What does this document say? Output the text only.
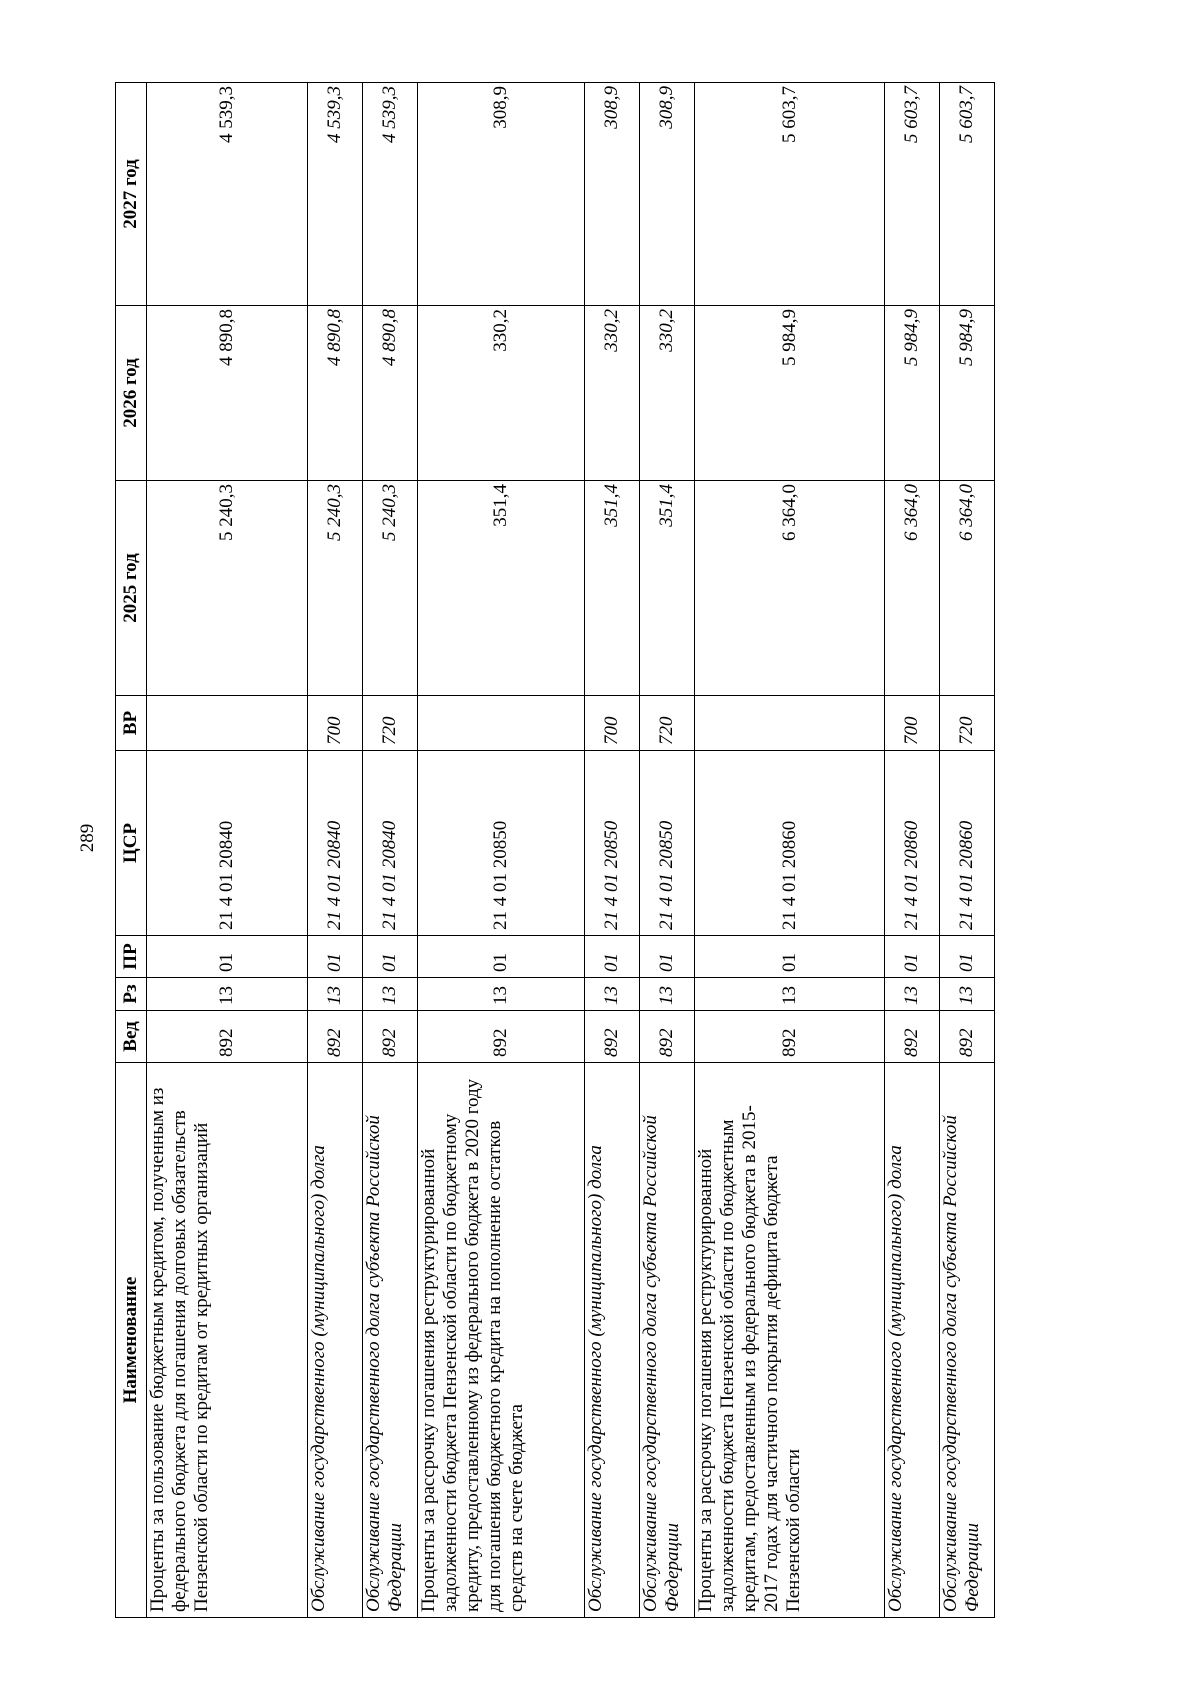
289
Наименование	Вед	Рз	ПР	ЦСР	ВР	2025 год	2026 год	2027 год
Проценты за пользование бюджетным кредитом, полученным из федерального бюджета для погашения долговых обязательств Пензенской области по кредитам от кредитных организаций	892	13	01	21 4 01 20840		5 240,3	4 890,8	4 539,3
Обслуживание государственного (муниципального) долга	892	13	01	21 4 01 20840	700	5 240,3	4 890,8	4 539,3
Обслуживание государственного долга субъекта Российской Федерации	892	13	01	21 4 01 20840	720	5 240,3	4 890,8	4 539,3
Проценты за рассрочку погашения реструктурированной задолженности бюджета Пензенской области по бюджетному кредиту, предоставленному из федерального бюджета в 2020 году для погашения бюджетного кредита на пополнение остатков средств на счете бюджета	892	13	01	21 4 01 20850		351,4	330,2	308,9
Обслуживание государственного (муниципального) долга	892	13	01	21 4 01 20850	700	351,4	330,2	308,9
Обслуживание государственного долга субъекта Российской Федерации	892	13	01	21 4 01 20850	720	351,4	330,2	308,9
Проценты за рассрочку погашения реструктурированной задолженности бюджета Пензенской области по бюджетным кредитам, предоставленным из федерального бюджета в 2015-2017 годах для частичного покрытия дефицита бюджета Пензенской области	892	13	01	21 4 01 20860		6 364,0	5 984,9	5 603,7
Обслуживание государственного (муниципального) долга	892	13	01	21 4 01 20860	700	6 364,0	5 984,9	5 603,7
Обслуживание государственного долга субъекта Российской Федерации	892	13	01	21 4 01 20860	720	6 364,0	5 984,9	5 603,7
